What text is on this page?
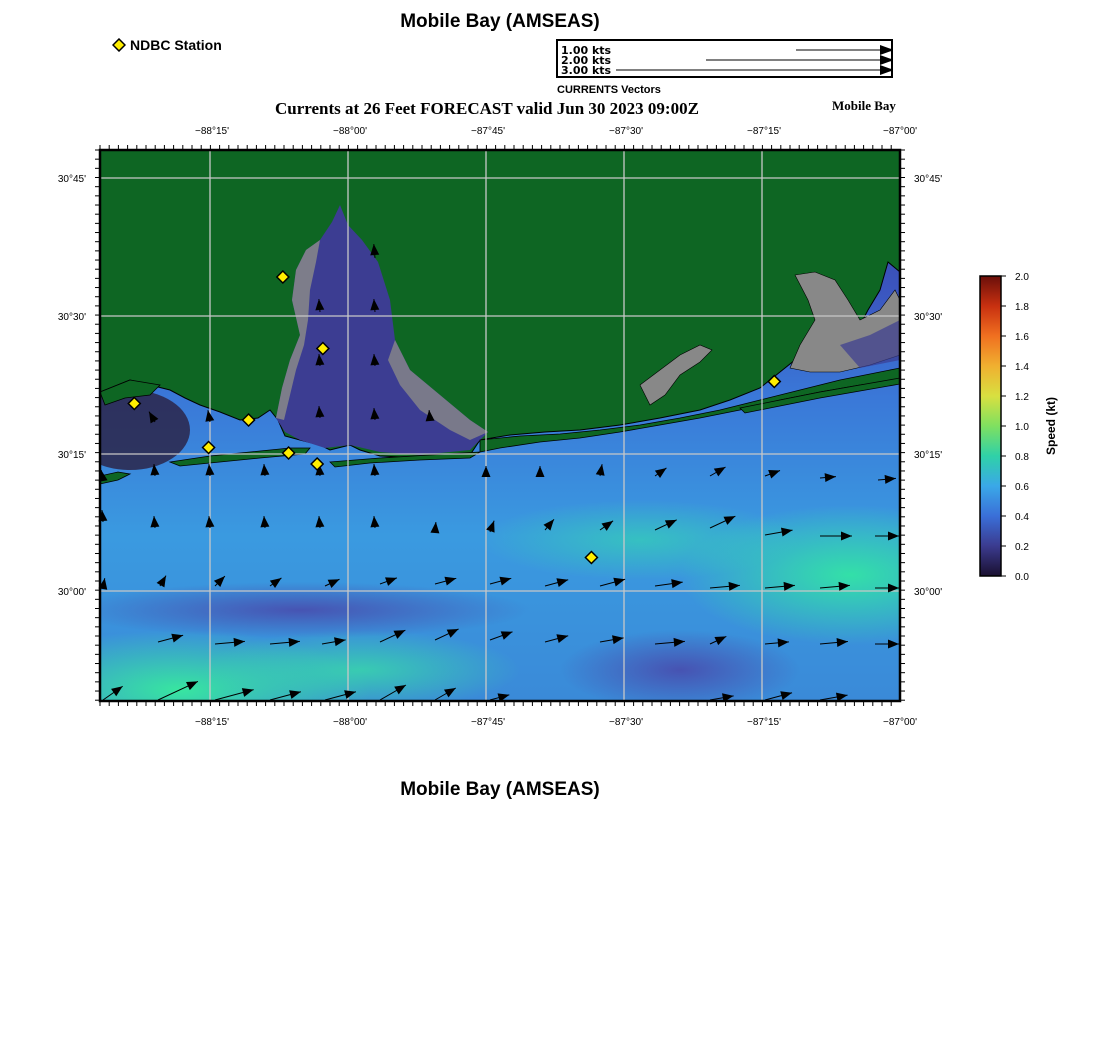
Mobile Bay (AMSEAS)
NDBC Station	1.00 kts
2.00 kts
3.00 kts
CURRENTS Vectors
Currents at 26 Feet FORECAST valid Jun 30 2023 09:00Z	Mobile Bay
−88°15'	−88°00'	−87°45'	−87°30'	−87°15'	−87°00'
−88°15'	−88°00'	−87°45'	−87°30'	−87°15'	−87°00'
30°45'
30°30'
30°15'
30°00'
30°45'
30°30'
30°15'
30°00'
0.0
0.2
0.4
0.6
0.8
1.0
1.2
1.4
1.6
1.8
2.0
Speed (kt)
Mobile Bay (AMSEAS)
